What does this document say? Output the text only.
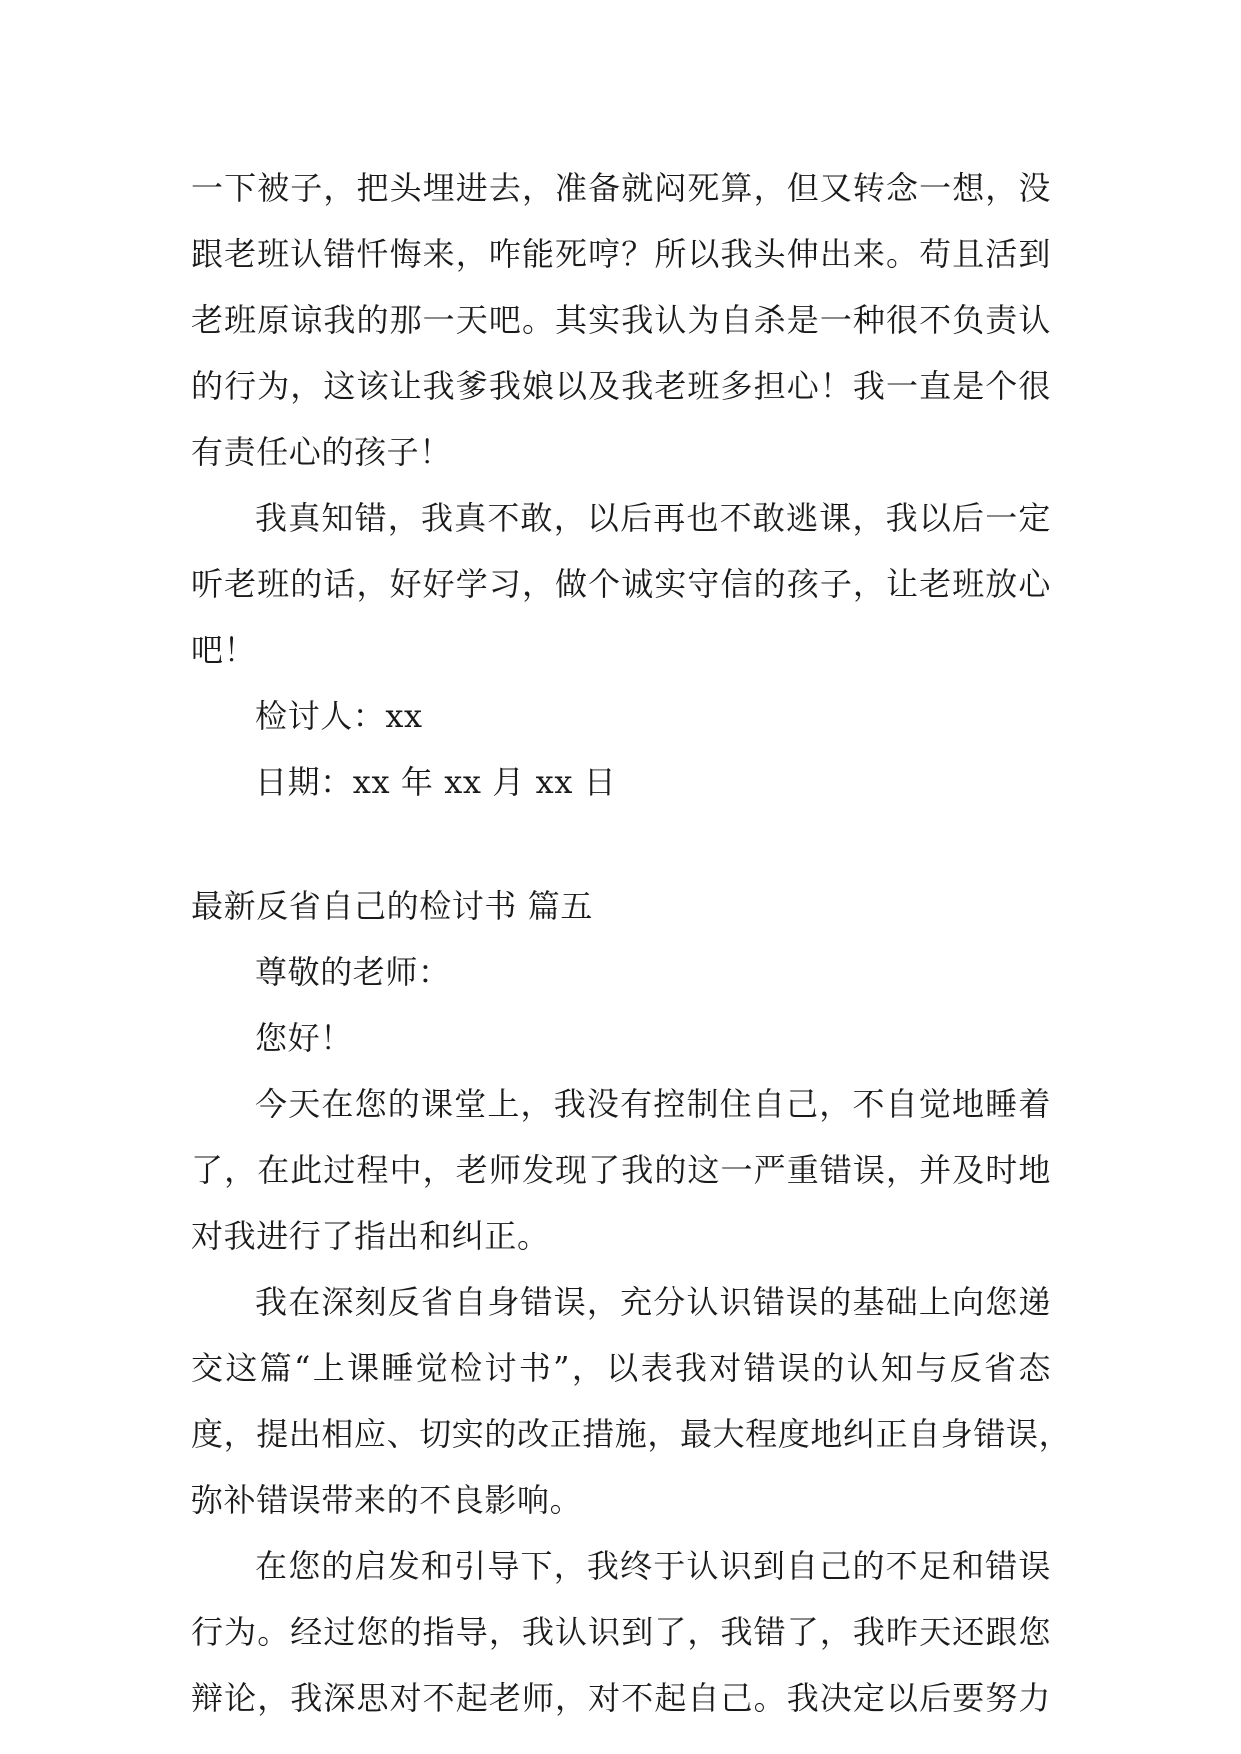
一下被子，把头埋进去，准备就闷死算，但又转念一想，没
跟老班认错忏悔来，咋能死哼？所以我头伸出来。苟且活到
老班原谅我的那一天吧。其实我认为自杀是一种很不负责认
的行为，这该让我爹我娘以及我老班多担心！我一直是个很
有责任心的孩子！
我真知错，我真不敢，以后再也不敢逃课，我以后一定
听老班的话，好好学习，做个诚实守信的孩子，让老班放心
吧！
检讨人：xx
日期：xx 年 xx 月 xx 日
最新反省自己的检讨书 篇五
尊敬的老师：
您好！
今天在您的课堂上，我没有控制住自己，不自觉地睡着
了，在此过程中，老师发现了我的这一严重错误，并及时地
对我进行了指出和纠正。
我在深刻反省自身错误，充分认识错误的基础上向您递
交这篇“上课睡觉检讨书”，以表我对错误的认知与反省态
度，提出相应、切实的改正措施，最大程度地纠正自身错误，
弥补错误带来的不良影响。
在您的启发和引导下，我终于认识到自己的不足和错误
行为。经过您的指导，我认识到了，我错了，我昨天还跟您
辩论，我深思对不起老师，对不起自己。我决定以后要努力
